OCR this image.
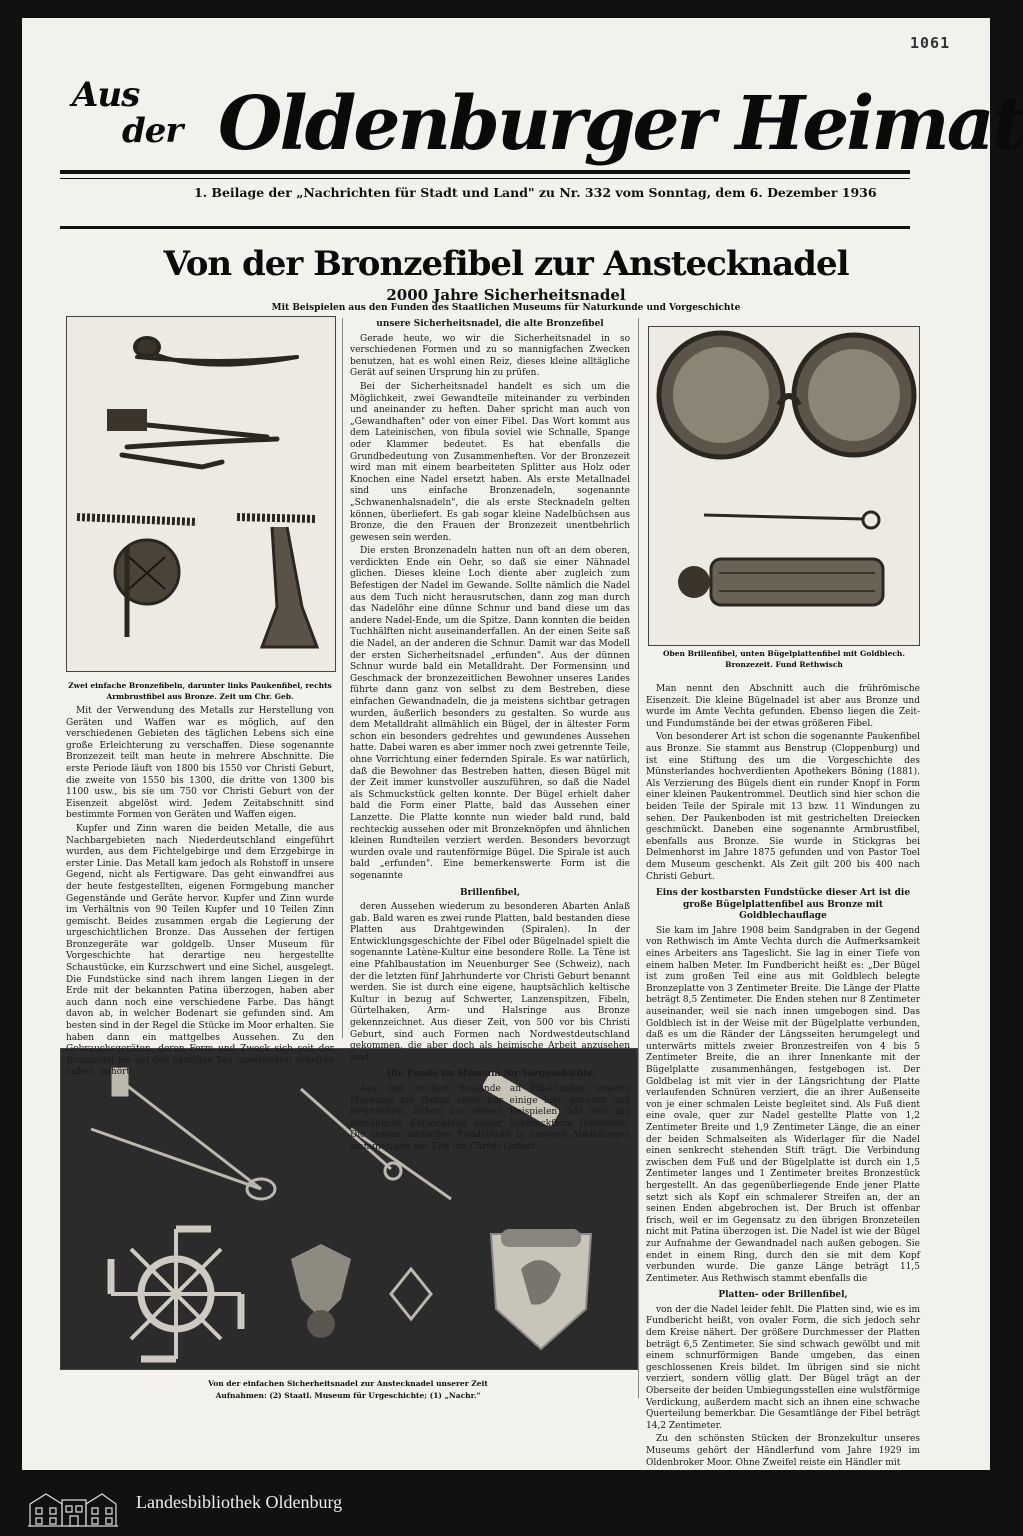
1061
Aus
der Oldenburger Heimat
1. Beilage der „Nachrichten für Stadt und Land" zu Nr. 332 vom Sonntag, dem 6. Dezember 1936
Von der Bronzefibel zur Anstecknadel
2000 Jahre Sicherheitsnadel
Mit Beispielen aus den Funden des Staatlichen Museums für Naturkunde und Vorgeschichte
Zwei einfache Bronzefibeln, darunter links Paukenfibel, rechts Armbrustfibel aus Bronze. Zeit um Chr. Geb.
Oben Brillenfibel, unten Bügelplattenfibel mit Goldblech. Bronzezeit. Fund Rethwisch
Von der einfachen Sicherheitsnadel zur Anstecknadel unserer Zeit
Aufnahmen: (2) Staatl. Museum für Urgeschichte; (1) „Nachr."

Mit der Verwendung des Metalls zur Herstellung von Geräten und Waffen war es möglich, auf den verschiedenen Gebieten des täglichen Lebens sich eine große Erleichterung zu verschaffen. Diese sogenannte Bronzezeit teilt man heute in mehrere Abschnitte. Die erste Periode läuft von 1800 bis 1550 vor Christi Geburt, die zweite von 1550 bis 1300, die dritte von 1300 bis 1100 usw., bis sie um 750 vor Christi Geburt von der Eisenzeit abgelöst wird. Jedem Zeitabschnitt sind bestimmte Formen von Geräten und Waffen eigen.

Kupfer und Zinn waren die beiden Metalle, die aus Nachbargebieten nach Niederdeutschland eingeführt wurden, aus dem Fichtelgebirge und dem Erzgebirge in erster Linie. Das Metall kam jedoch als Rohstoff in unsere Gegend, nicht als Fertigware. Das geht einwandfrei aus der heute festgestellten, eigenen Formgebung mancher Gegenstände und Geräte hervor. Kupfer und Zinn wurde im Verhältnis von 90 Teilen Kupfer und 10 Teilen Zinn gemischt. Beides zusammen ergab die Legierung der urgeschichtlichen Bronze. Das Aussehen der fertigen Bronzegeräte war goldgelb. Unser Museum für Vorgeschichte hat derartige neu hergestellte Schaustücke, ein Kurzschwert und eine Sichel, ausgelegt. Die Fundstücke sind nach ihrem langen Liegen in der Erde mit der bekannten Patina überzogen, haben aber auch dann noch eine verschiedene Farbe. Das hängt davon ab, in welcher Bodenart sie gefunden sind. Am besten sind in der Regel die Stücke im Moor erhalten. Sie haben dann ein mattgelbes Aussehen. Zu den Gebrauchsgeräten, deren Form und Zweck sich seit der Bronzezeit bis auf den heutigen Tag unverändert erhalten haben, gehört

unsere Sicherheitsnadel, die alte Bronzefibel

Gerade heute, wo wir die Sicherheitsnadel in so verschiedenen Formen und zu so mannigfachen Zwecken benutzen, hat es wohl einen Reiz, dieses kleine alltägliche Gerät auf seinen Ursprung hin zu prüfen.

Bei der Sicherheitsnadel handelt es sich um die Möglichkeit, zwei Gewandteile miteinander zu verbinden und aneinander zu heften. Daher spricht man auch von „Gewandhaften" oder von einer Fibel. Das Wort kommt aus dem Lateinischen, von fibula soviel wie Schnalle, Spange oder Klammer bedeutet. Es hat ebenfalls die Grundbedeutung von Zusammenheften. Vor der Bronzezeit wird man mit einem bearbeiteten Splitter aus Holz oder Knochen eine Nadel ersetzt haben. Als erste Metallnadel sind uns einfache Bronzenadeln, sogenannte „Schwanenhalsnadeln", die als erste Stecknadeln gelten können, überliefert. Es gab sogar kleine Nadelbüchsen aus Bronze, die den Frauen der Bronzezeit unentbehrlich gewesen sein werden.

Die ersten Bronzenadeln hatten nun oft an dem oberen, verdickten Ende ein Oehr, so daß sie einer Nähnadel glichen. Dieses kleine Loch diente aber zugleich zum Befestigen der Nadel im Gewande. Sollte nämlich die Nadel aus dem Tuch nicht herausrutschen, dann zog man durch das Nadelöhr eine dünne Schnur und band diese um das andere Nadel-Ende, um die Spitze. Dann konnten die beiden Tuchhälften nicht auseinanderfallen. An der einen Seite saß die Nadel, an der anderen die Schnur. Damit war das Modell der ersten Sicherheitsnadel „erfunden". Aus der dünnen Schnur wurde bald ein Metalldraht. Der Formensinn und Geschmack der bronzezeitlichen Bewohner unseres Landes führte dann ganz von selbst zu dem Bestreben, diese einfachen Gewandnadeln, die ja meistens sichtbar getragen wurden, äußerlich besonders zu gestalten. So wurde aus dem Metalldraht allmählich ein Bügel, der in ältester Form schon ein besonders gedrehtes und gewundenes Aussehen hatte. Dabei waren es aber immer noch zwei getrennte Teile, ohne Vorrichtung einer federnden Spirale. Es war natürlich, daß die Bewohner das Bestreben hatten, diesen Bügel mit der Zeit immer kunstvoller auszuführen, so daß die Nadel als Schmuckstück gelten konnte. Der Bügel erhielt daher bald die Form einer Platte, bald das Aussehen einer Lanzette. Die Platte konnte nun wieder bald rund, bald rechteckig aussehen oder mit Bronzeknöpfen und ähnlichen kleinen Rundteilen verziert werden. Besonders bevorzugt wurden ovale und rautenförmige Bügel. Die Spirale ist auch bald „erfunden". Eine bemerkenswerte Form ist die sogenannte

Brillenfibel,

deren Aussehen wiederum zu besonderen Abarten Anlaß gab. Bald waren es zwei runde Platten, bald bestanden diese Platten aus Drahtgewinden (Spiralen). In der Entwicklungsgeschichte der Fibel oder Bügelnadel spielt die sogenannte Latène-Kultur eine besondere Rolle. La Tène ist eine Pfahlbaustation im Neuenburger See (Schweiz), nach der die letzten fünf Jahrhunderte vor Christi Geburt benannt werden. Sie ist durch eine eigene, hauptsächlich keltische Kultur in bezug auf Schwerter, Lanzenspitzen, Fibeln, Gürtelhaken, Arm- und Halsringe aus Bronze gekennzeichnet. Aus dieser Zeit, von 500 vor bis Christi Geburt, sind auch Formen nach Nordwestdeutschland gekommen, die aber doch als heimische Arbeit anzusehen sind.

Die Funde im Museum für Vorgeschichte

Aus dem reichen Bestande an Fibelfunden unseres Museums am Damm seien nur einige hier genannt und besprochen. Schon aus diesen Beispielen läßt sich die allmähliche Entwicklung dieser Schmuckform feststellen. Die ersten, einfachen Fundstücke in unseren Abbildungen stammen aus der Zeit um Christi Geburt.

Man nennt den Abschnitt auch die frührömische Eisenzeit. Die kleine Bügelnadel ist aber aus Bronze und wurde im Amte Vechta gefunden. Ebenso liegen die Zeit- und Fundumstände bei der etwas größeren Fibel.

Von besonderer Art ist schon die sogenannte Paukenfibel aus Bronze. Sie stammt aus Benstrup (Cloppenburg) und ist eine Stiftung des um die Vorgeschichte des Münsterlandes hochverdienten Apothekers Böning (1881). Als Verzierung des Bügels dient ein runder Knopf in Form einer kleinen Paukentrommel. Deutlich sind hier schon die beiden Teile der Spirale mit 13 bzw. 11 Windungen zu sehen. Der Paukenboden ist mit gestrichelten Dreiecken geschmückt. Daneben eine sogenannte Armbrustfibel, ebenfalls aus Bronze. Sie wurde in Stickgras bei Delmenhorst im Jahre 1875 gefunden und von Pastor Toel dem Museum geschenkt. Als Zeit gilt 200 bis 400 nach Christi Geburt.

Eins der kostbarsten Fundstücke dieser Art ist die große Bügelplattenfibel aus Bronze mit Goldblechauflage

Sie kam im Jahre 1908 beim Sandgraben in der Gegend von Rethwisch im Amte Vechta durch die Aufmerksamkeit eines Arbeiters ans Tageslicht. Sie lag in einer Tiefe von einem halben Meter. Im Fundbericht heißt es: „Der Bügel ist zum großen Teil eine aus mit Goldblech belegte Bronzeplatte von 3 Zentimeter Breite. Die Länge der Platte beträgt 8,5 Zentimeter. Die Enden stehen nur 8 Zentimeter auseinander, weil sie nach innen umgebogen sind. Das Goldblech ist in der Weise mit der Bügelplatte verbunden, daß es um die Ränder der Längsseiten herumgelegt und unterwärts mittels zweier Bronzestreifen von 4 bis 5 Zentimeter Breite, die an ihrer Innenkante mit der Bügelplatte zusammenhängen, festgebogen ist. Der Goldbelag ist mit vier in der Längsrichtung der Platte verlaufenden Schnüren verziert, die an ihrer Außenseite von je einer schmalen Leiste begleitet sind. Als Fuß dient eine ovale, quer zur Nadel gestellte Platte von 1,2 Zentimeter Breite und 1,9 Zentimeter Länge, die an einer der beiden Schmalseiten als Widerlager für die Nadel einen senkrecht stehenden Stift trägt. Die Verbindung zwischen dem Fuß und der Bügelplatte ist durch ein 1,5 Zentimeter langes und 1 Zentimeter breites Bronzestück hergestellt. An das gegenüberliegende Ende jener Platte setzt sich als Kopf ein schmalerer Streifen an, der an seinen Enden abgebrochen ist. Der Bruch ist offenbar frisch, weil er im Gegensatz zu den übrigen Bronzeteilen nicht mit Patina überzogen ist. Die Nadel ist wie der Bügel zur Aufnahme der Gewandnadel nach außen gebogen. Sie endet in einem Ring, durch den sie mit dem Kopf verbunden wurde. Die ganze Länge beträgt 11,5 Zentimeter. Aus Rethwisch stammt ebenfalls die

Platten- oder Brillenfibel,

von der die Nadel leider fehlt. Die Platten sind, wie es im Fundbericht heißt, von ovaler Form, die sich jedoch sehr dem Kreise nähert. Der größere Durchmesser der Platten beträgt 6,5 Zentimeter. Sie sind schwach gewölbt und mit einem schnurförmigen Bande umgeben, das einen geschlossenen Kreis bildet. Im übrigen sind sie nicht verziert, sondern völlig glatt. Der Bügel trägt an der Oberseite der beiden Umbiegungsstellen eine wulstförmige Verdickung, außerdem macht sich an ihnen eine schwache Querteilung bemerkbar. Die Gesamtlänge der Fibel beträgt 14,2 Zentimeter.

Zu den schönsten Stücken der Bronzekultur unseres Museums gehört der Händlerfund vom Jahre 1929 im Oldenbroker Moor. Ohne Zweifel reiste ein Händler mit

Landesbibliothek Oldenburg
